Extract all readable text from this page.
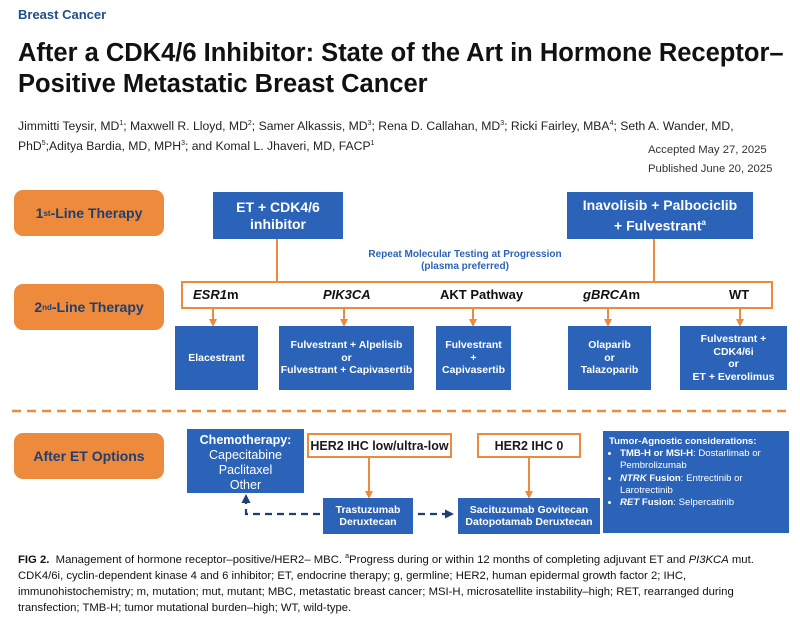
Breast Cancer
After a CDK4/6 Inhibitor: State of the Art in Hormone Receptor–Positive Metastatic Breast Cancer
Jimmitti Teysir, $MD^1$; Maxwell R. Lloyd, $MD^2$; Samer Alkassis, $MD^3$; Rena D. Callahan, $MD^3$; Ricki Fairley, MBA$^4$; Seth A. Wander, MD, PhD$^5$;Aditya Bardia, MD, MPH$^3$; and Komal L. Jhaveri, MD, FACP$^1$
Accepted May 27, 2025
Published June 20, 2025
1 st -Line Therapy
2 nd -Line Therapy
After ET Options
ET + CDK4/6 inhibitor
Inavolisib + Palbociclib
+ Fulvestrant$^a$
Repeat Molecular Testing at Progression
(plasma preferred)
ESR1m	PIK3CA	AKT Pathway	gBRCAm	WT
Elacestrant
Fulvestrant + Alpelisib
or
Fulvestrant + Capivasertib
Fulvestrant
+
Capivasertib
Olaparib
or
Talazoparib
Fulvestrant +
CDK4/6i
or
ET + Everolimus
Chemotherapy:
Capecitabine
Paclitaxel
Other
HER2 IHC low/ultra-low	HER2 IHC 0
Trastuzumab
Deruxtecan
Sacituzumab Govitecan
Datopotamab Deruxtecan
Tumor-Agnostic considerations:
• TMB-H or MSI-H: Dostarlimab or Pembrolizumab
• NTRK Fusion: Entrectinib or Larotrectinib
• RET Fusion: Selpercatinib
FIG 2. Management of hormone receptor–positive/HER2– MBC. $^a$Progress during or within 12 months of completing adjuvant ET and PI3KCA mut. CDK4/6i, cyclin-dependent kinase 4 and 6 inhibitor; ET, endocrine therapy; g, germline; HER2, human epidermal growth factor 2; IHC, immunohistochemistry; m, mutation; mut, mutant; MBC, metastatic breast cancer; MSI-H, microsatellite instability–high; RET, rearranged during transfection; TMB-H; tumor mutational burden–high; WT, wild-type.
